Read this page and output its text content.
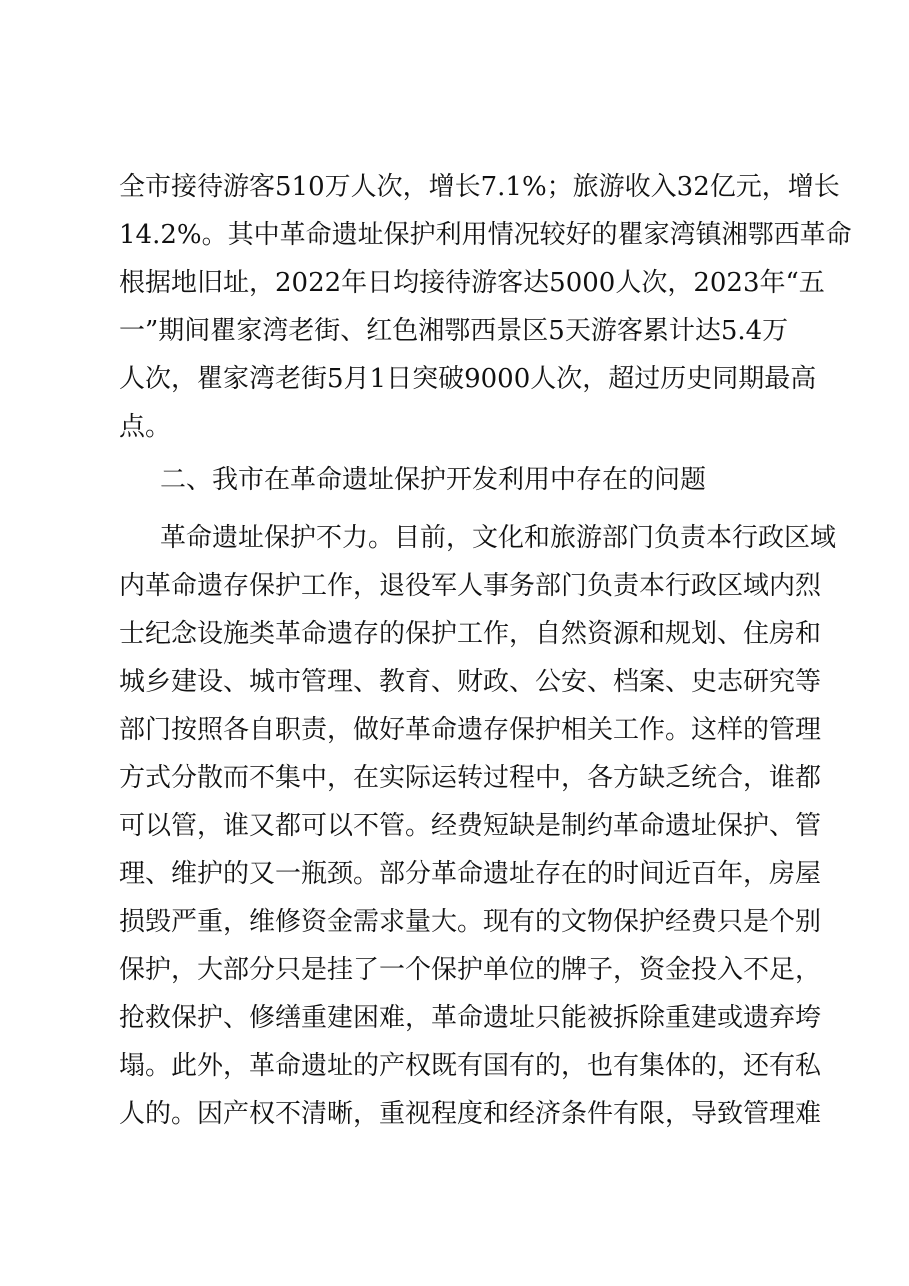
全市接待游客510万人次，增长7.1%；旅游收入32亿元，增长
14.2%。其中革命遗址保护利用情况较好的瞿家湾镇湘鄂西革命
根据地旧址，2022年日均接待游客达5000人次，2023年“五
一”期间瞿家湾老街、红色湘鄂西景区5天游客累计达5.4万
人次，瞿家湾老街5月1日突破9000人次，超过历史同期最高
点。
二、我市在革命遗址保护开发利用中存在的问题
革命遗址保护不力。目前，文化和旅游部门负责本行政区域
内革命遗存保护工作，退役军人事务部门负责本行政区域内烈
士纪念设施类革命遗存的保护工作，自然资源和规划、住房和
城乡建设、城市管理、教育、财政、公安、档案、史志研究等
部门按照各自职责，做好革命遗存保护相关工作。这样的管理
方式分散而不集中，在实际运转过程中，各方缺乏统合，谁都
可以管，谁又都可以不管。经费短缺是制约革命遗址保护、管
理、维护的又一瓶颈。部分革命遗址存在的时间近百年，房屋
损毁严重，维修资金需求量大。现有的文物保护经费只是个别
保护，大部分只是挂了一个保护单位的牌子，资金投入不足，
抢救保护、修缮重建困难，革命遗址只能被拆除重建或遗弃垮
塌。此外，革命遗址的产权既有国有的，也有集体的，还有私
人的。因产权不清晰，重视程度和经济条件有限，导致管理难
